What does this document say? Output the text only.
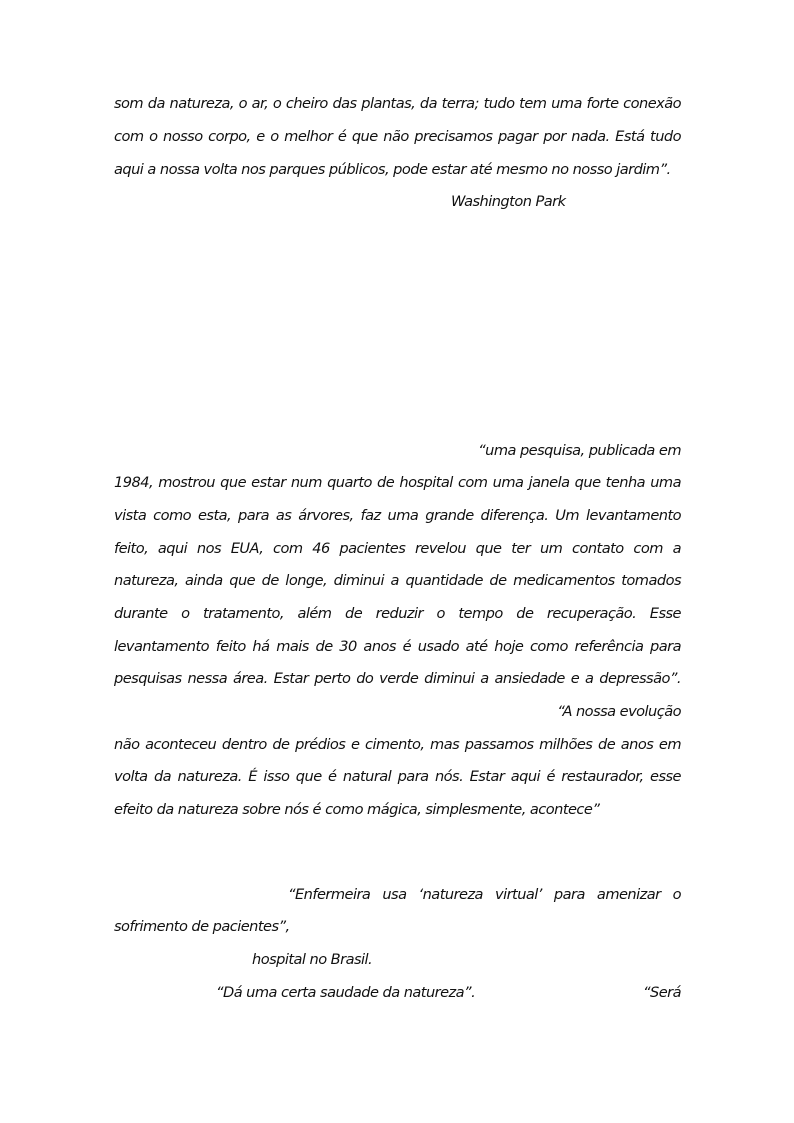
som da natureza, o ar, o cheiro das plantas, da terra; tudo tem uma forte conexão
com o nosso corpo, e o melhor é que não precisamos pagar por nada. Está tudo
aqui a nossa volta nos parques públicos, pode estar até mesmo no nosso jardim”.
Washington Park
“uma pesquisa, publicada em
1984, mostrou que estar num quarto de hospital com uma janela que tenha uma
vista como esta, para as árvores, faz uma grande diferença. Um levantamento
feito, aqui nos EUA, com 46 pacientes revelou que ter um contato com a
natureza, ainda que de longe, diminui a quantidade de medicamentos tomados
durante o tratamento, além de reduzir o tempo de recuperação. Esse
levantamento feito há mais de 30 anos é usado até hoje como referência para
pesquisas nessa área. Estar perto do verde diminui a ansiedade e a depressão”.
“A nossa evolução
não aconteceu dentro de prédios e cimento, mas passamos milhões de anos em
volta da natureza. É isso que é natural para nós. Estar aqui é restaurador, esse
efeito da natureza sobre nós é como mágica, simplesmente, acontece”
“Enfermeira usa ‘natureza virtual’ para amenizar o
sofrimento de pacientes”,
hospital no Brasil.
“Dá uma certa saudade da natureza”.	“Será
